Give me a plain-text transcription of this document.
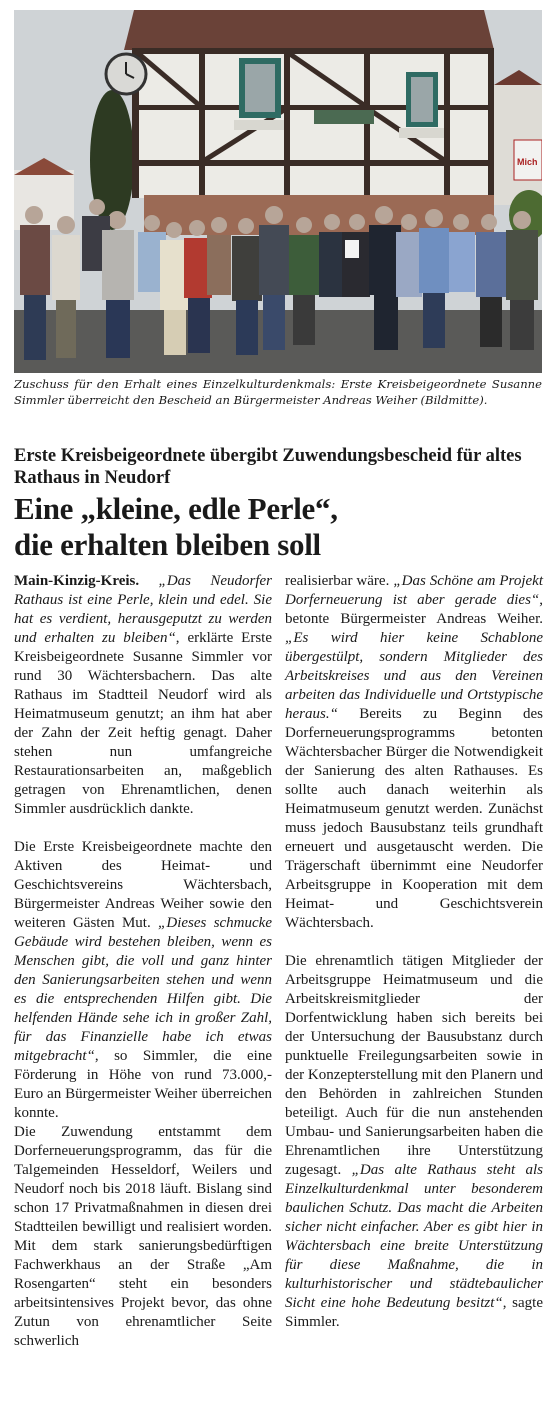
Mich
Zuschuss für den Erhalt eines Einzelkulturdenkmals: Erste Kreisbeigeordnete Susanne Simmler überreicht den Bescheid an Bürgermeister Andreas Weiher (Bildmitte).
Erste Kreisbeigeordnete übergibt Zuwendungsbescheid für altes Rathaus in Neudorf
Eine „kleine, edle Perle“,
die erhalten bleiben soll

Main-Kinzig-Kreis. „Das Neudorfer Rathaus ist eine Perle, klein und edel. Sie hat es verdient, herausgeputzt zu werden und erhalten zu bleiben“, erklärte Erste Kreisbeigeordnete Susanne Simmler vor rund 30 Wächtersbachern. Das alte Rathaus im Stadtteil Neudorf wird als Heimatmuseum genutzt; an ihm hat aber der Zahn der Zeit heftig genagt. Daher stehen nun umfangreiche Restaurationsarbeiten an, maßgeblich getragen von Ehrenamtlichen, denen Simmler ausdrücklich dankte.

Die Erste Kreisbeigeordnete machte den Aktiven des Heimat- und Geschichtsvereins Wächtersbach, Bürgermeister Andreas Weiher sowie den weiteren Gästen Mut. „Dieses schmucke Gebäude wird bestehen bleiben, wenn es Menschen gibt, die voll und ganz hinter den Sanierungsarbeiten stehen und wenn es die entsprechenden Hilfen gibt. Die helfenden Hände sehe ich in großer Zahl, für das Finanzielle habe ich etwas mitgebracht“, so Simmler, die eine Förderung in Höhe von rund 73.000,- Euro an Bürgermeister Weiher überreichen konnte.

Die Zuwendung entstammt dem Dorferneuerungsprogramm, das für die Talgemeinden Hesseldorf, Weilers und Neudorf noch bis 2018 läuft. Bislang sind schon 17 Privatmaßnahmen in diesen drei Stadtteilen bewilligt und realisiert worden. Mit dem stark sanierungsbedürftigen Fachwerkhaus an der Straße „Am Rosengarten“ steht ein besonders arbeitsintensives Projekt bevor, das ohne Zutun von ehrenamtlicher Seite schwerlich

realisierbar wäre. „Das Schöne am Projekt Dorferneuerung ist aber gerade dies“, betonte Bürgermeister Andreas Weiher. „Es wird hier keine Schablone übergestülpt, sondern Mitglieder des Arbeitskreises und aus den Vereinen arbeiten das Individuelle und Ortstypische heraus.“ Bereits zu Beginn des Dorferneuerungsprogramms betonten Wächtersbacher Bürger die Notwendigkeit der Sanierung des alten Rathauses. Es sollte auch danach weiterhin als Heimatmuseum genutzt werden. Zunächst muss jedoch Bausubstanz teils grundhaft erneuert und ausgetauscht werden. Die Trägerschaft übernimmt eine Neudorfer Arbeitsgruppe in Kooperation mit dem Heimat- und Geschichtsverein Wächtersbach.

Die ehrenamtlich tätigen Mitglieder der Arbeitsgruppe Heimatmuseum und die Arbeitskreismitglieder der Dorfentwicklung haben sich bereits bei der Untersuchung der Bausubstanz durch punktuelle Freilegungsarbeiten sowie in der Konzepterstellung mit den Planern und den Behörden in zahlreichen Stunden beteiligt. Auch für die nun anstehenden Umbau- und Sanierungsarbeiten haben die Ehrenamtlichen ihre Unterstützung zugesagt. „Das alte Rathaus steht als Einzelkulturdenkmal unter besonderem baulichen Schutz. Das macht die Arbeiten sicher nicht einfacher. Aber es gibt hier in Wächtersbach eine breite Unterstützung für diese Maßnahme, die in kulturhistorischer und städtebaulicher Sicht eine hohe Bedeutung besitzt“, sagte Simmler.
